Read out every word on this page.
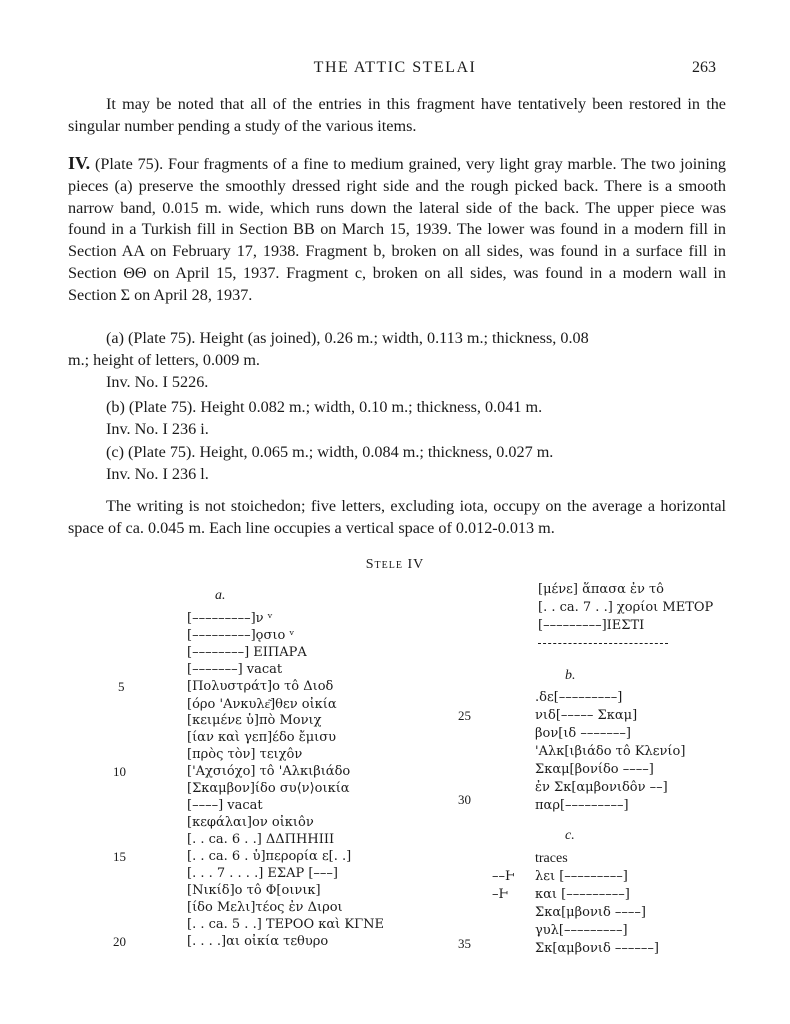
THE ATTIC STELAI	263
It may be noted that all of the entries in this fragment have tentatively been restored in the singular number pending a study of the various items.
IV. (Plate 75). Four fragments of a fine to medium grained, very light gray marble. The two joining pieces (a) preserve the smoothly dressed right side and the rough picked back. There is a smooth narrow band, 0.015 m. wide, which runs down the lateral side of the back. The upper piece was found in a Turkish fill in Section BB on March 15, 1939. The lower was found in a modern fill in Section AA on February 17, 1938. Fragment b, broken on all sides, was found in a surface fill in Section ΘΘ on April 15, 1937. Fragment c, broken on all sides, was found in a modern wall in Section Σ on April 28, 1937.
(a) (Plate 75). Height (as joined), 0.26 m.; width, 0.113 m.; thickness, 0.08
m.; height of letters, 0.009 m.
Inv. No. I 5226.
(b) (Plate 75). Height 0.082 m.; width, 0.10 m.; thickness, 0.041 m.
Inv. No. I 236 i.
(c) (Plate 75). Height, 0.065 m.; width, 0.084 m.; thickness, 0.027 m.
Inv. No. I 236 l.
The writing is not stoichedon; five letters, excluding iota, occupy on the average a horizontal space of ca. 0.045 m. Each line occupies a vertical space of 0.012-0.013 m.
Stele IV
a.
[–––––––––]ν ᵛ
[–––––––––]ǫσιο ᵛ
[––––––––] ΕΙΠΑΡΑ
[–––––––] vacat
[Πολυστράτ]ο τô Διοδ
[όρο 'Ανκυλε͂]θεν οἰκία
[κειμένε ὑ]πὸ Μονιχ
[ίαν καὶ γεπ]έδο ἔμισυ
[πρὸς τὸν] τειχôν
['Αχσιόχο] τô 'Αλκιβιάδο
[Σκαμβον]ίδο συ⟨ν⟩οικία
[––––] vacat
[κεφάλαι]ον οἰκιôν
[. . ca. 6 . .] ΔΔΠΗΗΙΙΙ
[. . ca. 6 . ὑ]περορία ε[. .]
[. . . 7 . . . .] ΕΣΑΡ [–––]
[Νικίδ]ο τô Φ[οινικ]
[ίδο Μελι]τέος ἐν Διροι
[. . ca. 5 . .] ΤΕΡΟΟ καὶ ΚΓΝΕ
[. . . .]αι οἰκία τεθυρο
5
10
15
20
[μένε] ἅπασα ἐν τô
[. . ca. 7 . .] χορίοι ΜΕΤΟΡ
[–––––––––]ΙΕΣΤΙ
b.
.δε[–––––––––]
νιδ[––––– Σκαμ]
βον[ιδ –––––––]
'Αλκ[ιβιάδο τô Κλενίο]
Σκαμ[βονίδο ––––]
ἐν Σκ[αμβονιδôν ––]
παρ[–––––––––]
25
30
c.
traces
λει [–––––––––]
και [–––––––––]
Σκα[μβονιδ ––––]
γυλ[–––––––––]
Σκ[αμβονιδ ––––––]
––Ͱ
–Ͱ
35
